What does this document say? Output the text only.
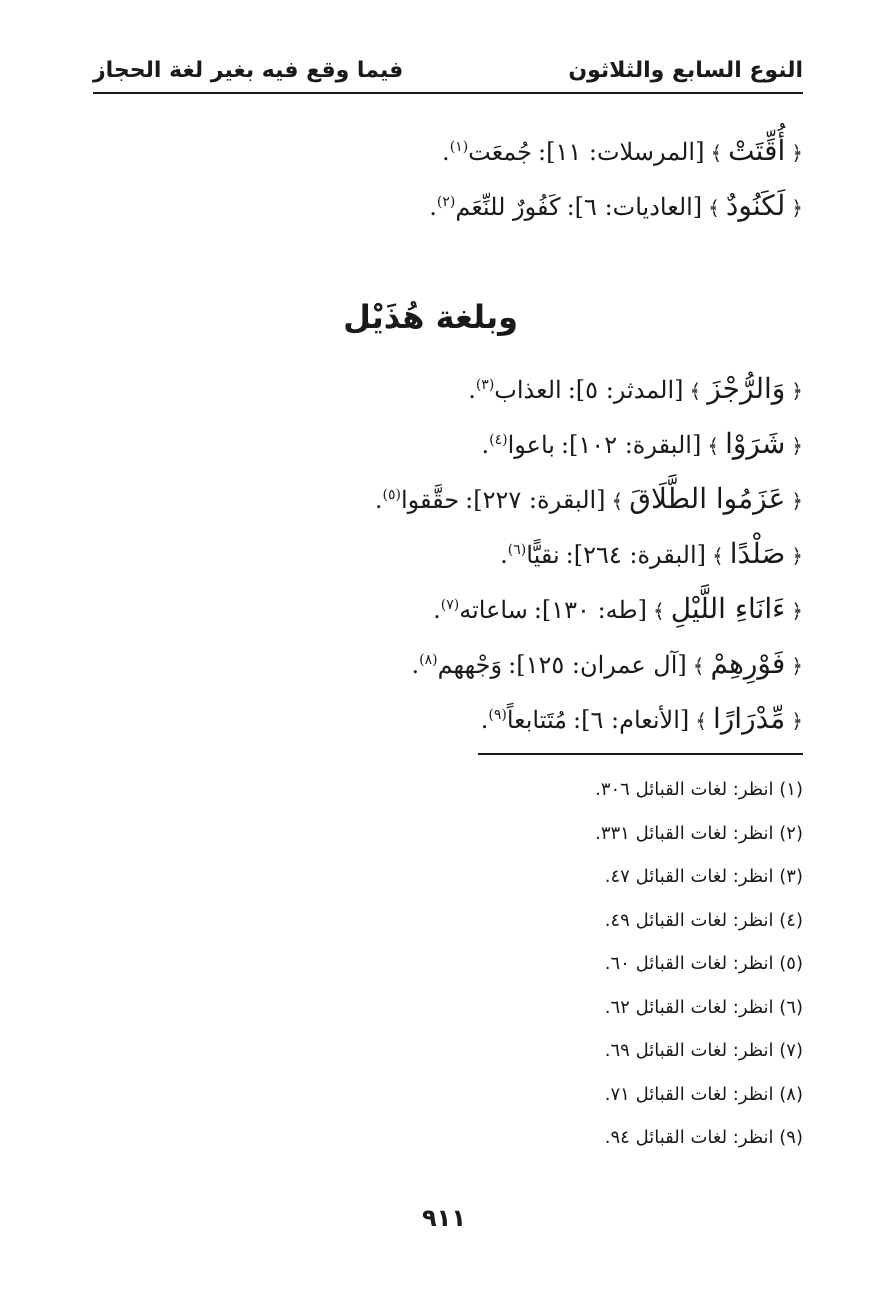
النوع السابع والثلاثون
فيما وقع فيه بغير لغة الحجاز
﴿
أُقِّتَتْ
﴾
[المرسلات: ١١]:
جُمعَت$^{(١)}$.
﴿
لَكَنُودٌ
﴾
[العاديات: ٦]:
كَفُورٌ للنِّعَم$^{(٢)}$.
وبلغة هُذَيْل
﴿
وَالرُّجْزَ
﴾
[المدثر: ٥]:
العذاب$^{(٣)}$.
﴿
شَرَوْا
﴾
[البقرة: ١٠٢]:
باعوا$^{(٤)}$.
﴿
عَزَمُوا الطَّلَاقَ
﴾
[البقرة: ٢٢٧]:
حقَّقوا$^{(٥)}$.
﴿
صَلْدًا
﴾
[البقرة: ٢٦٤]:
نقيًّا$^{(٦)}$.
﴿
ءَانَاءِ اللَّيْلِ
﴾
[طه: ١٣٠]:
ساعاته$^{(٧)}$.
﴿
فَوْرِهِمْ
﴾
[آل عمران: ١٢٥]:
وَجْههم$^{(٨)}$.
﴿
مِّدْرَارًا
﴾
[الأنعام: ٦]:
مُتَتابعاً$^{(٩)}$.
(١) انظر: لغات القبائل ٣٠٦.
(٢) انظر: لغات القبائل ٣٣١.
(٣) انظر: لغات القبائل ٤٧.
(٤) انظر: لغات القبائل ٤٩.
(٥) انظر: لغات القبائل ٦٠.
(٦) انظر: لغات القبائل ٦٢.
(٧) انظر: لغات القبائل ٦٩.
(٨) انظر: لغات القبائل ٧١.
(٩) انظر: لغات القبائل ٩٤.
٩١١
